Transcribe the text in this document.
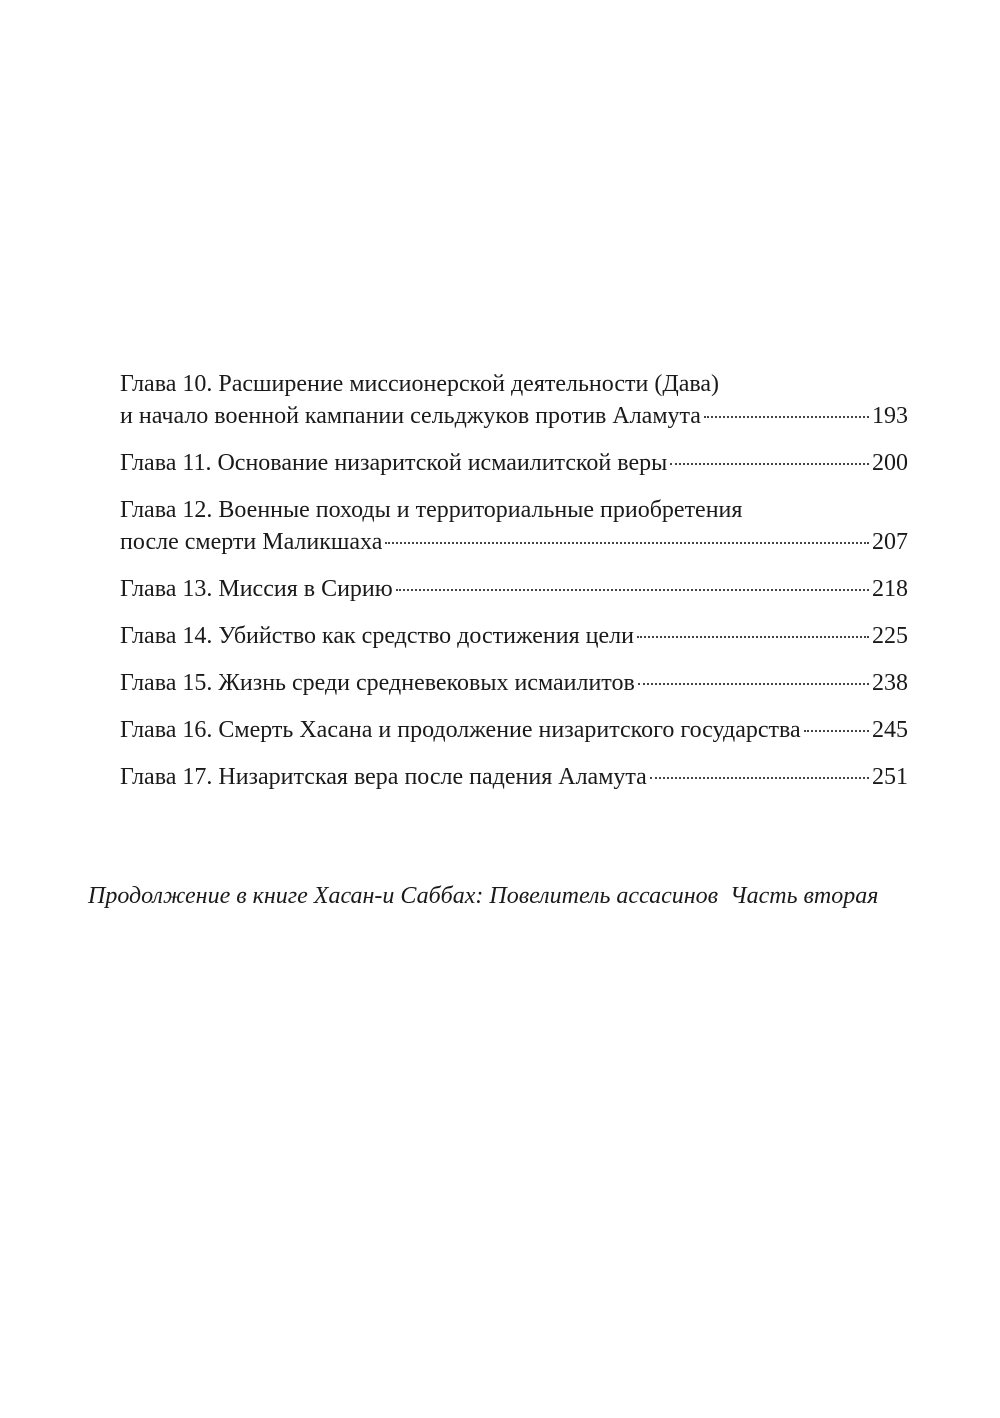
Глава 10. Расширение миссионерской деятельности (Дава)
и начало военной кампании сельджуков против Аламута	193
Глава 11. Основание низаритской исмаилитской веры	200
Глава 12. Военные походы и территориальные приобретения
после смерти Маликшаха	207
Глава 13. Миссия в Сирию	218
Глава 14. Убийство как средство достижения цели	225
Глава 15. Жизнь среди средневековых исмаилитов	238
Глава 16. Смерть Хасана и продолжение низаритского государства	245
Глава 17. Низаритская вера после падения Аламута	251
Продолжение в книге Хасан-и Саббах: Повелитель ассасинов  Часть вторая
